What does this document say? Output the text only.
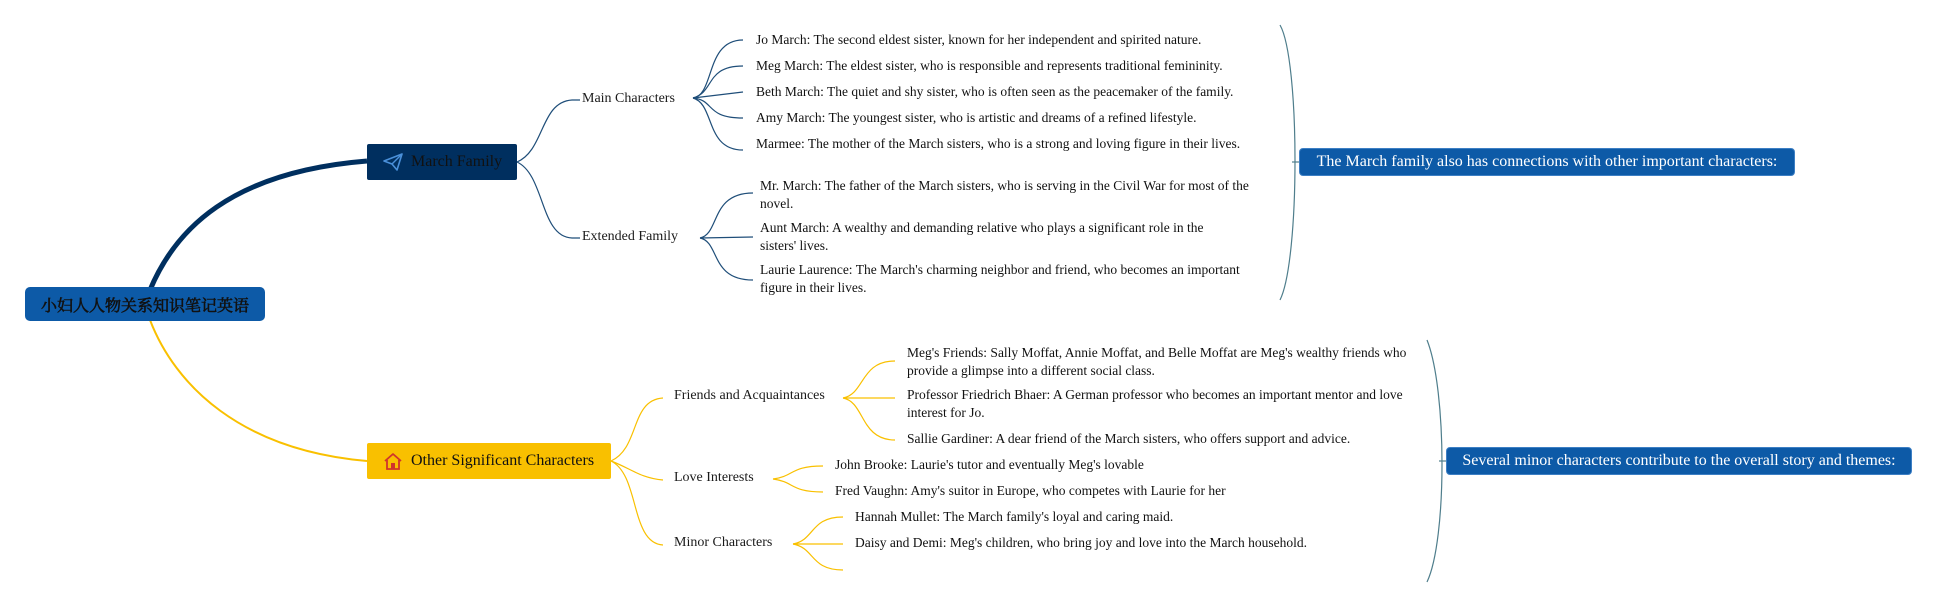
小妇人人物关系知识笔记英语
March Family
Other Significant Characters
Main Characters
Extended Family
Jo March: The second eldest sister, known for her independent and spirited nature.
Meg March: The eldest sister, who is responsible and represents traditional femininity.
Beth March: The quiet and shy sister, who is often seen as the peacemaker of the family.
Amy March: The youngest sister, who is artistic and dreams of a refined lifestyle.
Marmee: The mother of the March sisters, who is a strong and loving figure in their lives.
Mr. March: The father of the March sisters, who is serving in the Civil War for most of the novel.
Aunt March: A wealthy and demanding relative who plays a significant role in the sisters' lives.
Laurie Laurence: The March's charming neighbor and friend, who becomes an important figure in their lives.
The March family also has connections with other important characters:
Friends and Acquaintances
Love Interests
Minor Characters
Meg's Friends: Sally Moffat, Annie Moffat, and Belle Moffat are Meg's wealthy friends who provide a glimpse into a different social class.
Professor Friedrich Bhaer: A German professor who becomes an important mentor and love interest for Jo.
Sallie Gardiner: A dear friend of the March sisters, who offers support and advice.
John Brooke: Laurie's tutor and eventually Meg's lovable
Fred Vaughn: Amy's suitor in Europe, who competes with Laurie for her
Hannah Mullet: The March family's loyal and caring maid.
Daisy and Demi: Meg's children, who bring joy and love into the March household.
Several minor characters contribute to the overall story and themes:
